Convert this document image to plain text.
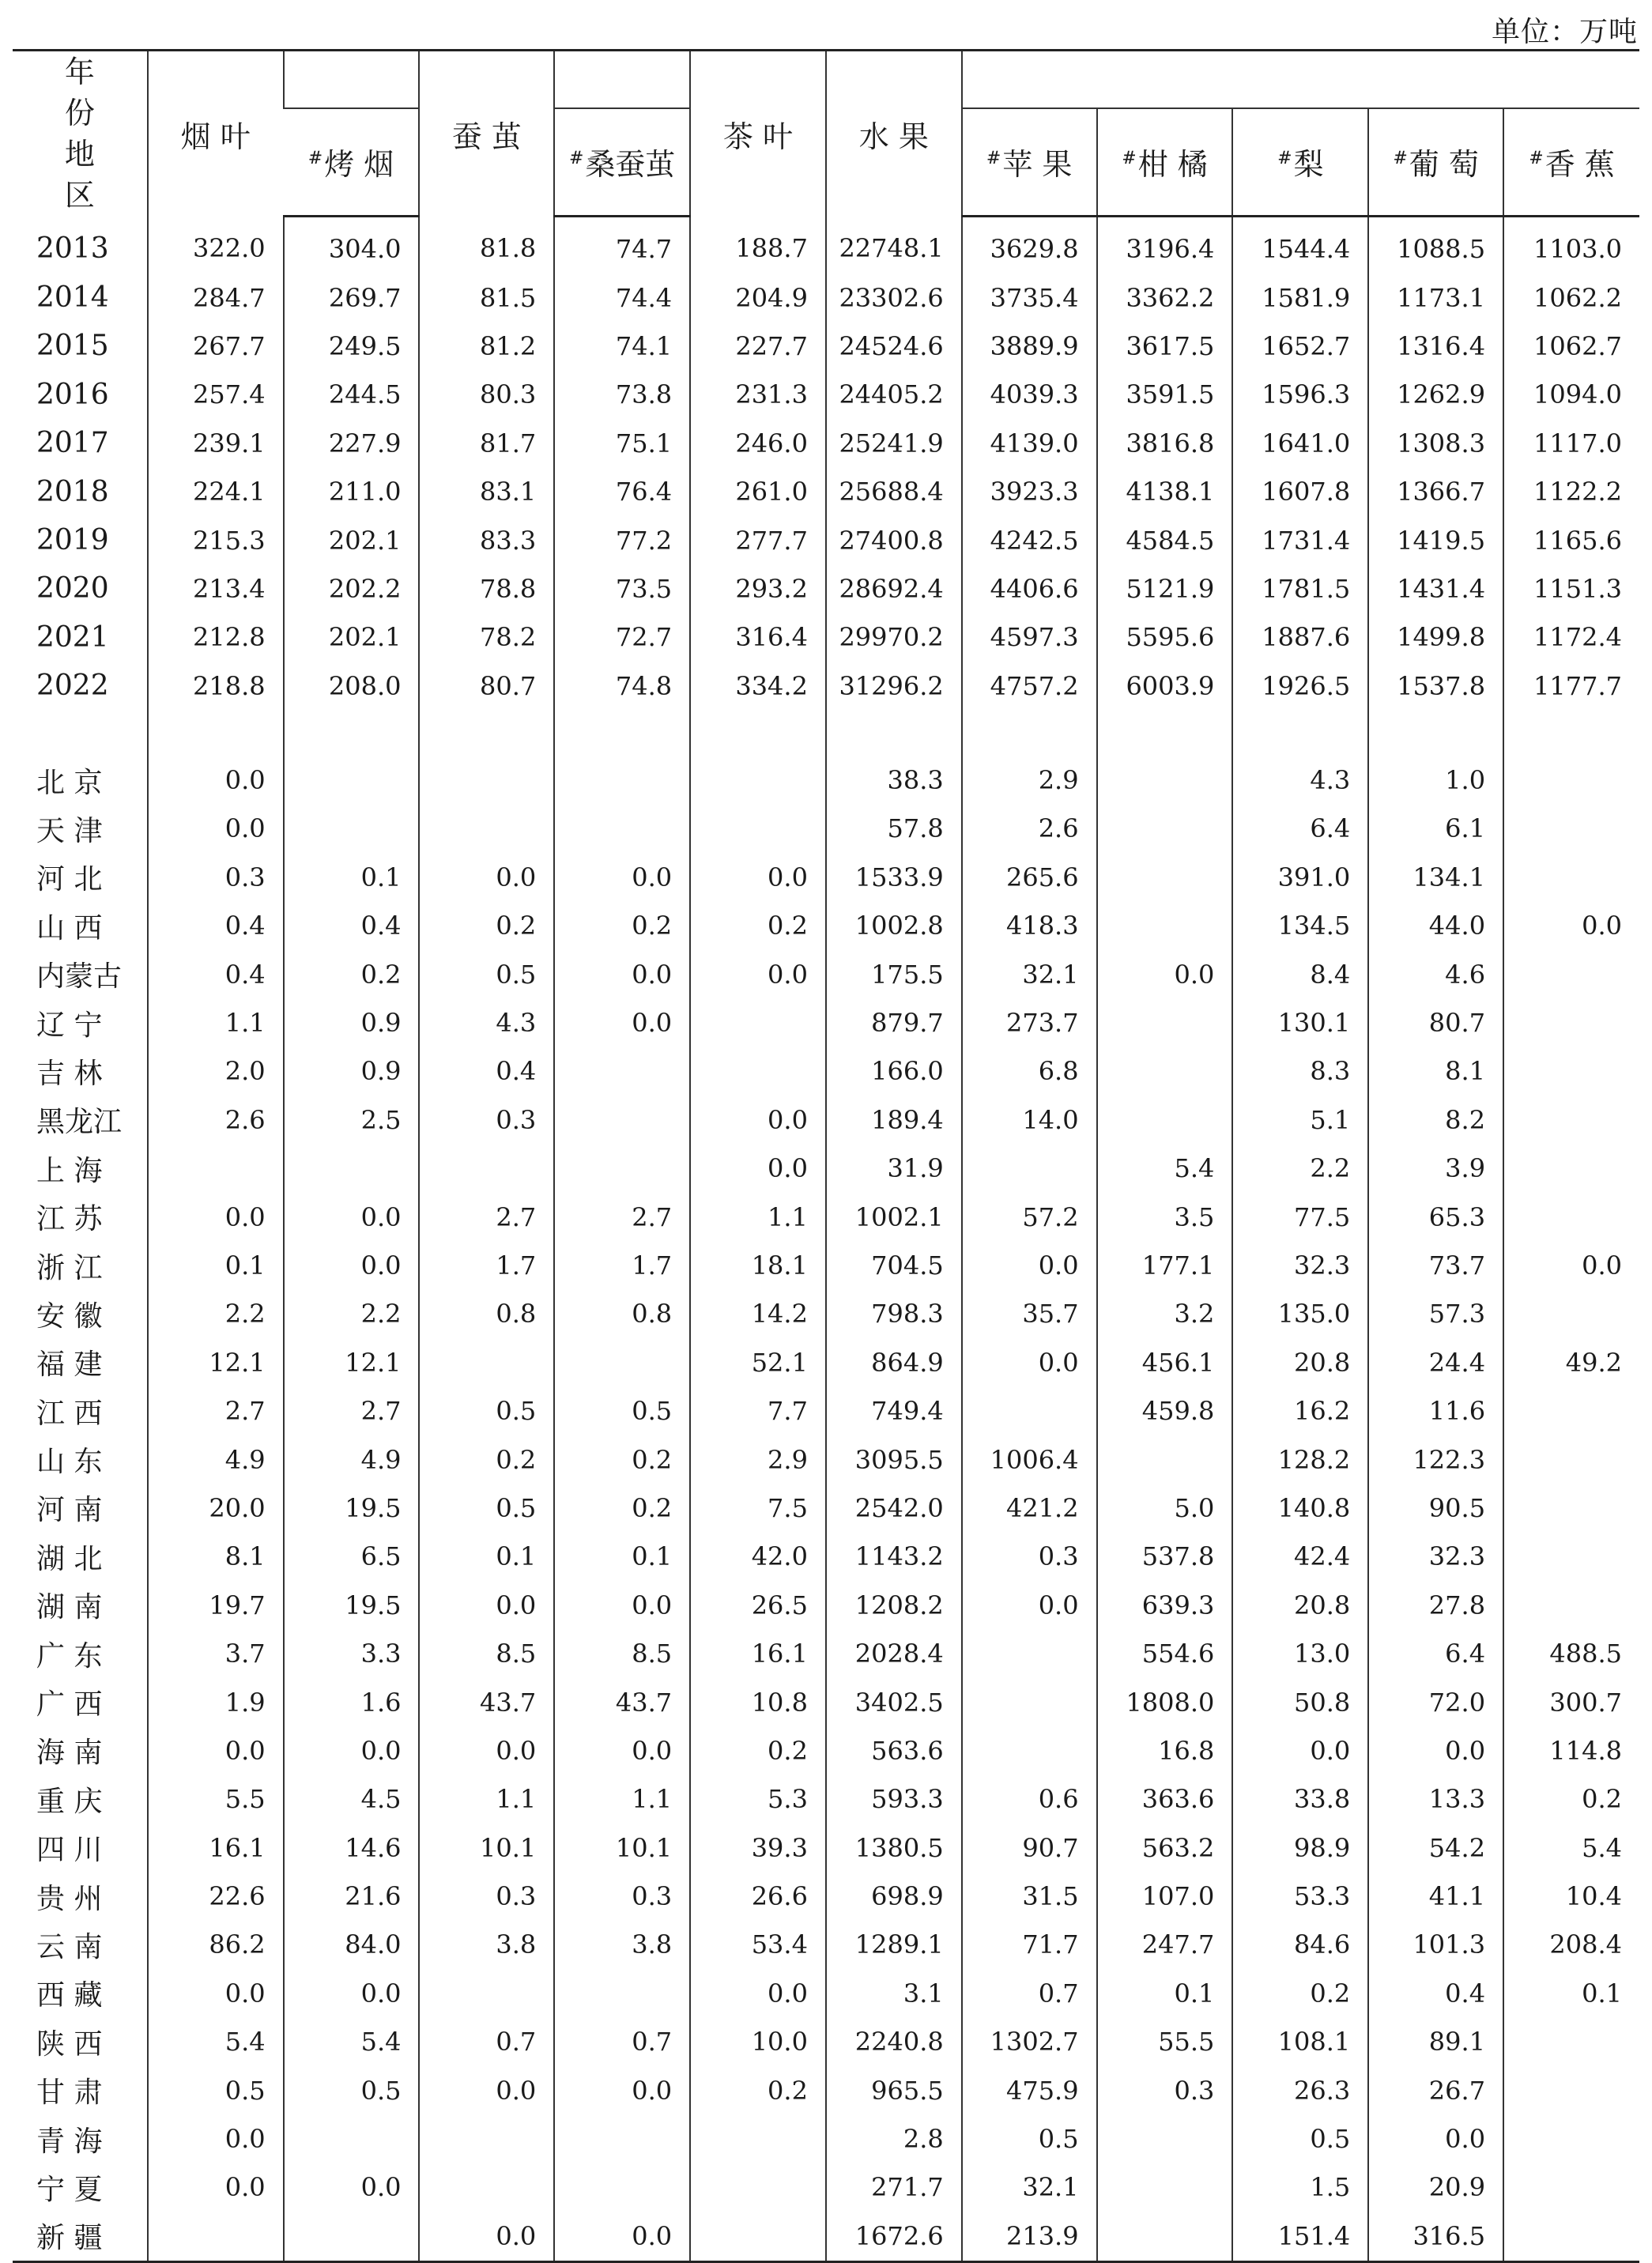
单位：万吨
年 份
地 区	烟 叶		蚕 茧		茶 叶	水 果					
		#烤 烟		#桑蚕茧			#苹 果	#柑 橘	#梨	#葡 萄	#香 蕉
2013	322.0	304.0	81.8	74.7	188.7	22748.1	3629.8	3196.4	1544.4	1088.5	1103.0
2014	284.7	269.7	81.5	74.4	204.9	23302.6	3735.4	3362.2	1581.9	1173.1	1062.2
2015	267.7	249.5	81.2	74.1	227.7	24524.6	3889.9	3617.5	1652.7	1316.4	1062.7
2016	257.4	244.5	80.3	73.8	231.3	24405.2	4039.3	3591.5	1596.3	1262.9	1094.0
2017	239.1	227.9	81.7	75.1	246.0	25241.9	4139.0	3816.8	1641.0	1308.3	1117.0
2018	224.1	211.0	83.1	76.4	261.0	25688.4	3923.3	4138.1	1607.8	1366.7	1122.2
2019	215.3	202.1	83.3	77.2	277.7	27400.8	4242.5	4584.5	1731.4	1419.5	1165.6
2020	213.4	202.2	78.8	73.5	293.2	28692.4	4406.6	5121.9	1781.5	1431.4	1151.3
2021	212.8	202.1	78.2	72.7	316.4	29970.2	4597.3	5595.6	1887.6	1499.8	1172.4
2022	218.8	208.0	80.7	74.8	334.2	31296.2	4757.2	6003.9	1926.5	1537.8	1177.7

北 京	0.0					38.3	2.9		4.3	1.0	
天 津	0.0					57.8	2.6		6.4	6.1	
河 北	0.3	0.1	0.0	0.0	0.0	1533.9	265.6		391.0	134.1	
山 西	0.4	0.4	0.2	0.2	0.2	1002.8	418.3		134.5	44.0	0.0
内蒙古	0.4	0.2	0.5	0.0	0.0	175.5	32.1	0.0	8.4	4.6	
辽 宁	1.1	0.9	4.3	0.0		879.7	273.7		130.1	80.7	
吉 林	2.0	0.9	0.4			166.0	6.8		8.3	8.1	
黑龙江	2.6	2.5	0.3		0.0	189.4	14.0		5.1	8.2	
上 海					0.0	31.9		5.4	2.2	3.9	
江 苏	0.0	0.0	2.7	2.7	1.1	1002.1	57.2	3.5	77.5	65.3	
浙 江	0.1	0.0	1.7	1.7	18.1	704.5	0.0	177.1	32.3	73.7	0.0
安 徽	2.2	2.2	0.8	0.8	14.2	798.3	35.7	3.2	135.0	57.3	
福 建	12.1	12.1			52.1	864.9	0.0	456.1	20.8	24.4	49.2
江 西	2.7	2.7	0.5	0.5	7.7	749.4		459.8	16.2	11.6	
山 东	4.9	4.9	0.2	0.2	2.9	3095.5	1006.4		128.2	122.3	
河 南	20.0	19.5	0.5	0.2	7.5	2542.0	421.2	5.0	140.8	90.5	
湖 北	8.1	6.5	0.1	0.1	42.0	1143.2	0.3	537.8	42.4	32.3	
湖 南	19.7	19.5	0.0	0.0	26.5	1208.2	0.0	639.3	20.8	27.8	
广 东	3.7	3.3	8.5	8.5	16.1	2028.4		554.6	13.0	6.4	488.5
广 西	1.9	1.6	43.7	43.7	10.8	3402.5		1808.0	50.8	72.0	300.7
海 南	0.0	0.0	0.0	0.0	0.2	563.6		16.8	0.0	0.0	114.8
重 庆	5.5	4.5	1.1	1.1	5.3	593.3	0.6	363.6	33.8	13.3	0.2
四 川	16.1	14.6	10.1	10.1	39.3	1380.5	90.7	563.2	98.9	54.2	5.4
贵 州	22.6	21.6	0.3	0.3	26.6	698.9	31.5	107.0	53.3	41.1	10.4
云 南	86.2	84.0	3.8	3.8	53.4	1289.1	71.7	247.7	84.6	101.3	208.4
西 藏	0.0	0.0			0.0	3.1	0.7	0.1	0.2	0.4	0.1
陕 西	5.4	5.4	0.7	0.7	10.0	2240.8	1302.7	55.5	108.1	89.1	
甘 肃	0.5	0.5	0.0	0.0	0.2	965.5	475.9	0.3	26.3	26.7	
青 海	0.0					2.8	0.5		0.5	0.0	
宁 夏	0.0	0.0				271.7	32.1		1.5	20.9	
新 疆			0.0	0.0		1672.6	213.9		151.4	316.5	
